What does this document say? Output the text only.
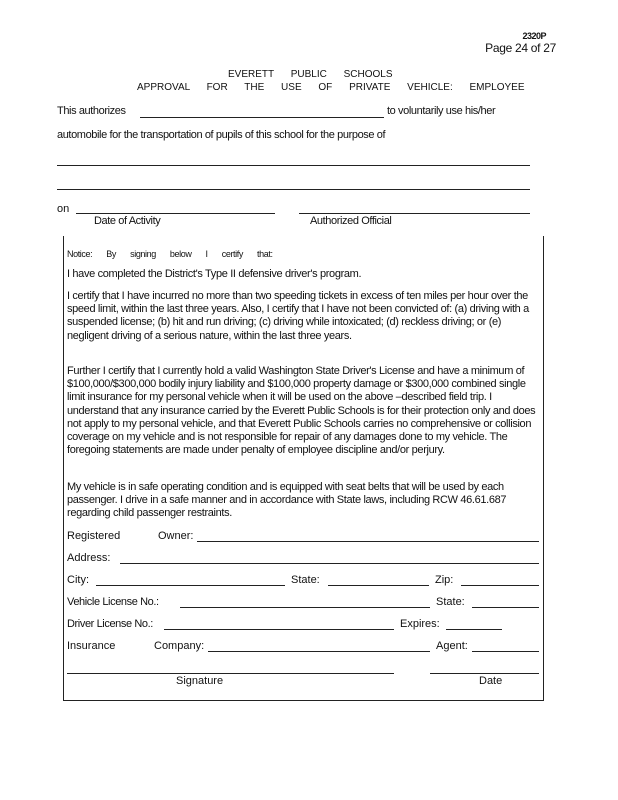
2320P
Page 24 of 27
EVERETT PUBLIC SCHOOLS
APPROVAL FOR THE USE OF PRIVATE VEHICLE: EMPLOYEE
This authorizes	to voluntarily use his/her
automobile for the transportation of pupils of this school for the purpose of
on
Date of Activity	Authorized Official
Notice: By signing below I certify that:
I have completed the District's Type II defensive driver's program.
I certify that I have incurred no more than two speeding tickets in excess of ten miles per hour over the speed limit, within the last three years. Also, I certify that I have not been convicted of: (a) driving with a suspended license; (b) hit and run driving; (c) driving while intoxicated; (d) reckless driving; or (e) negligent driving of a serious nature, within the last three years.
Further I certify that I currently hold a valid Washington State Driver's License and have a minimum of $100,000/$300,000 bodily injury liability and $100,000 property damage or $300,000 combined single limit insurance for my personal vehicle when it will be used on the above –described field trip. I understand that any insurance carried by the Everett Public Schools is for their protection only and does not apply to my personal vehicle, and that Everett Public Schools carries no comprehensive or collision coverage on my vehicle and is not responsible for repair of any damages done to my vehicle. The foregoing statements are made under penalty of employee discipline and/or perjury.
My vehicle is in safe operating condition and is equipped with seat belts that will be used by each passenger. I drive in a safe manner and in accordance with State laws, including RCW 46.61.687 regarding child passenger restraints.
Registered	Owner:
Address:
City:	State:	Zip:
Vehicle License No.:	State:
Driver License No.:	Expires:
Insurance	Company:	Agent:
Signature	Date
